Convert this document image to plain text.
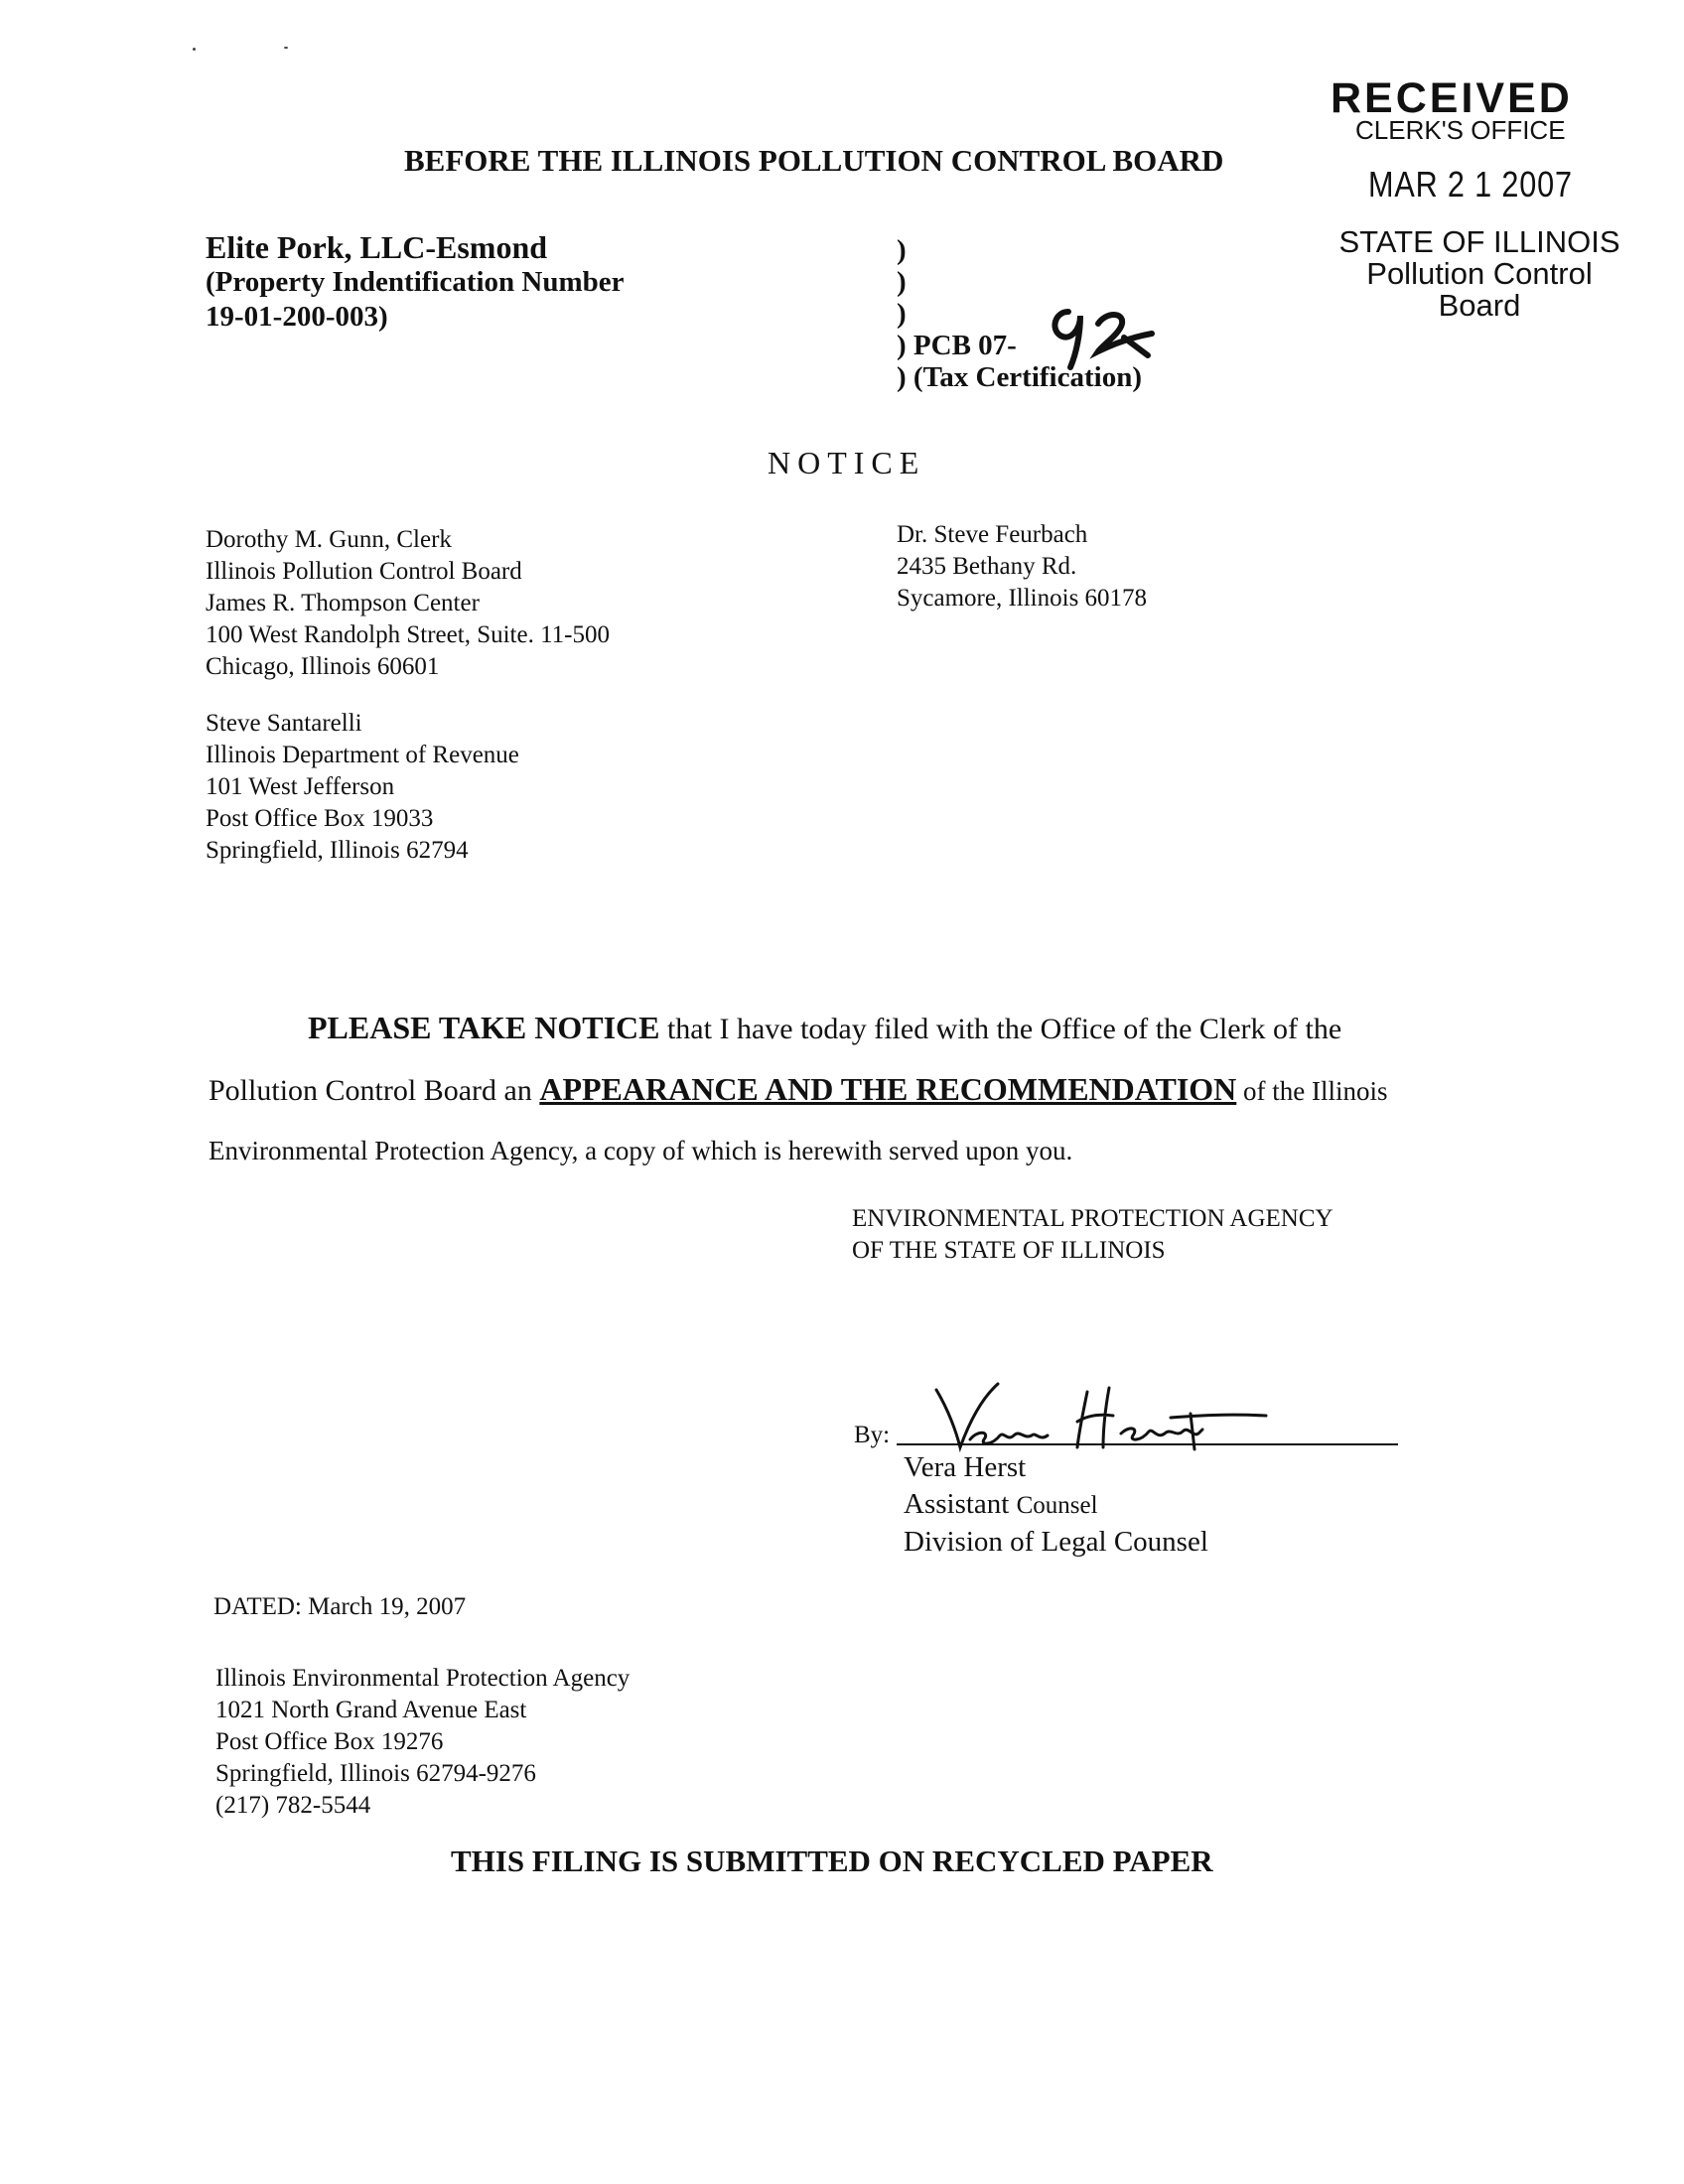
RECEIVED
CLERK'S OFFICE
MAR 2 1 2007
STATE OF ILLINOIS
Pollution Control Board
BEFORE THE ILLINOIS POLLUTION CONTROL BOARD
Elite Pork, LLC-Esmond
(Property Indentification Number
19-01-200-003)
)
)
)
) PCB 07-
) (Tax Certification)
NOTICE
Dorothy M. Gunn, Clerk
Illinois Pollution Control Board
James R. Thompson Center
100 West Randolph Street, Suite. 11-500
Chicago, Illinois 60601
Steve Santarelli
Illinois Department of Revenue
101 West Jefferson
Post Office Box 19033
Springfield, Illinois 62794
Dr. Steve Feurbach
2435 Bethany Rd.
Sycamore, Illinois 60178
PLEASE TAKE NOTICE that I have today filed with the Office of the Clerk of the
Pollution Control Board an APPEARANCE AND THE RECOMMENDATION of the Illinois
Environmental Protection Agency, a copy of which is herewith served upon you.
ENVIRONMENTAL PROTECTION AGENCY
OF THE STATE OF ILLINOIS
By:
Vera Herst
Assistant Counsel
Division of Legal Counsel
DATED: March 19, 2007
Illinois Environmental Protection Agency
1021 North Grand Avenue East
Post Office Box 19276
Springfield, Illinois 62794-9276
(217) 782-5544
THIS FILING IS SUBMITTED ON RECYCLED PAPER
